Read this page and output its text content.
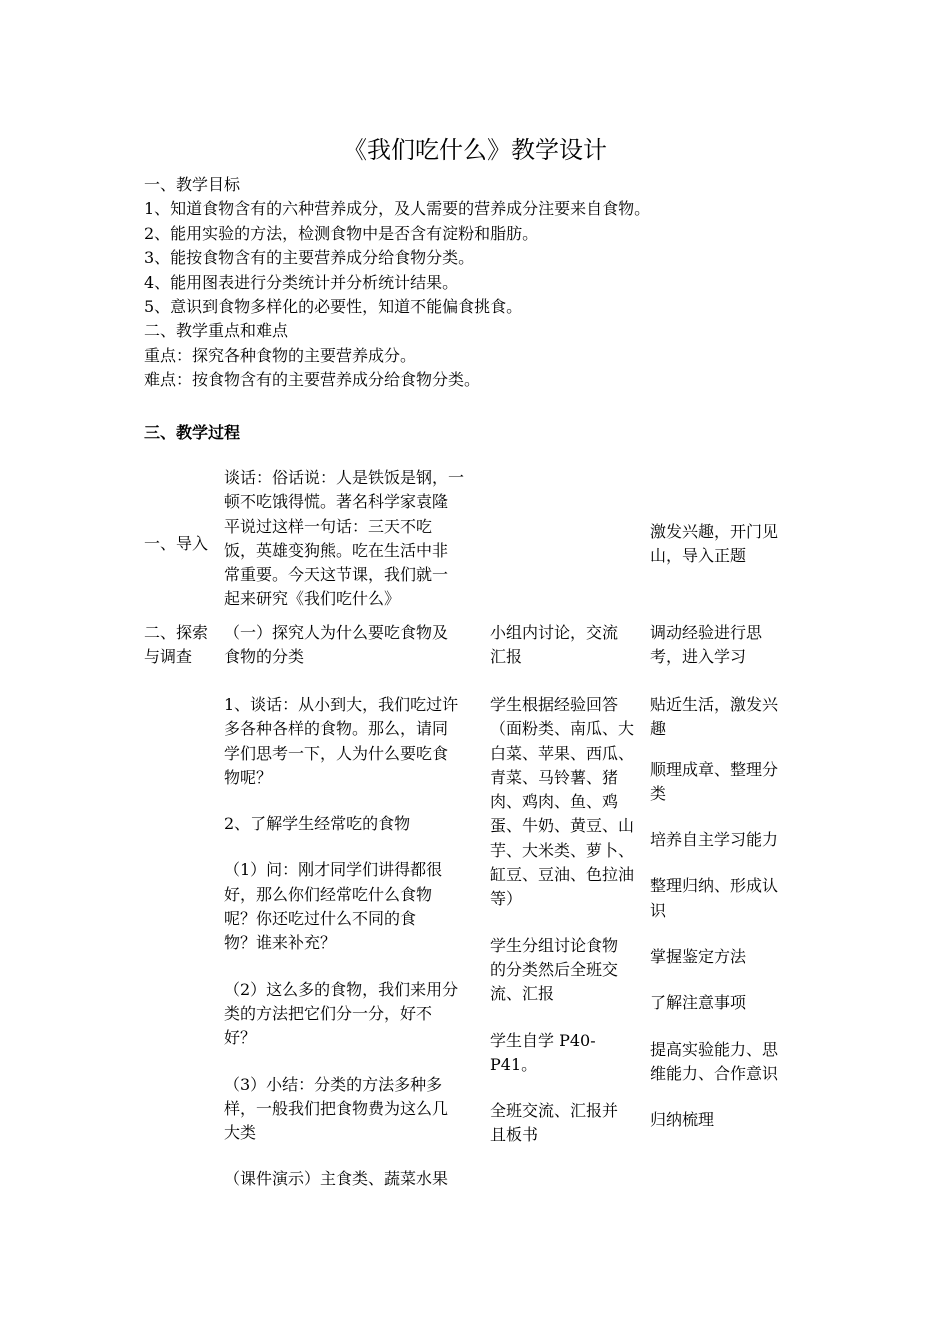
《我们吃什么》教学设计
一、教学目标
1、知道食物含有的六种营养成分，及人需要的营养成分注要来自食物。
2、能用实验的方法，检测食物中是否含有淀粉和脂肪。
3、能按食物含有的主要营养成分给食物分类。
4、能用图表进行分类统计并分析统计结果。
5、意识到食物多样化的必要性，知道不能偏食挑食。
二、教学重点和难点
重点：探究各种食物的主要营养成分。
难点：按食物含有的主要营养成分给食物分类。
三、教学过程
一、导入
谈话：俗话说：人是铁饭是钢，一
顿不吃饿得慌。著名科学家袁隆
平说过这样一句话：三天不吃
饭，英雄变狗熊。吃在生活中非
常重要。今天这节课，我们就一
起来研究《我们吃什么》
激发兴趣，开门见
山，导入正题
二、探索
与调查
（一）探究人为什么要吃食物及
食物的分类
小组内讨论，交流
汇报
调动经验进行思
考，进入学习
1、谈话：从小到大，我们吃过许
多各种各样的食物。那么，请同
学们思考一下，人为什么要吃食
物呢？
2、了解学生经常吃的食物
（1）问：刚才同学们讲得都很
好，那么你们经常吃什么食物
呢？你还吃过什么不同的食
物？谁来补充？
（2）这么多的食物，我们来用分
类的方法把它们分一分，好不
好？
（3）小结：分类的方法多种多
样，一般我们把食物费为这么几
大类
（课件演示）主食类、蔬菜水果
学生根据经验回答
（面粉类、南瓜、大
白菜、苹果、西瓜、
青菜、马铃薯、猪
肉、鸡肉、鱼、鸡
蛋、牛奶、黄豆、山
芋、大米类、萝卜、
缸豆、豆油、色拉油
等）
学生分组讨论食物
的分类然后全班交
流、汇报
学生自学 P40-
P41。
全班交流、汇报并
且板书
贴近生活，激发兴
趣
顺理成章、整理分
类
培养自主学习能力
整理归纳、形成认
识
掌握鉴定方法
了解注意事项
提高实验能力、思
维能力、合作意识
归纳梳理
